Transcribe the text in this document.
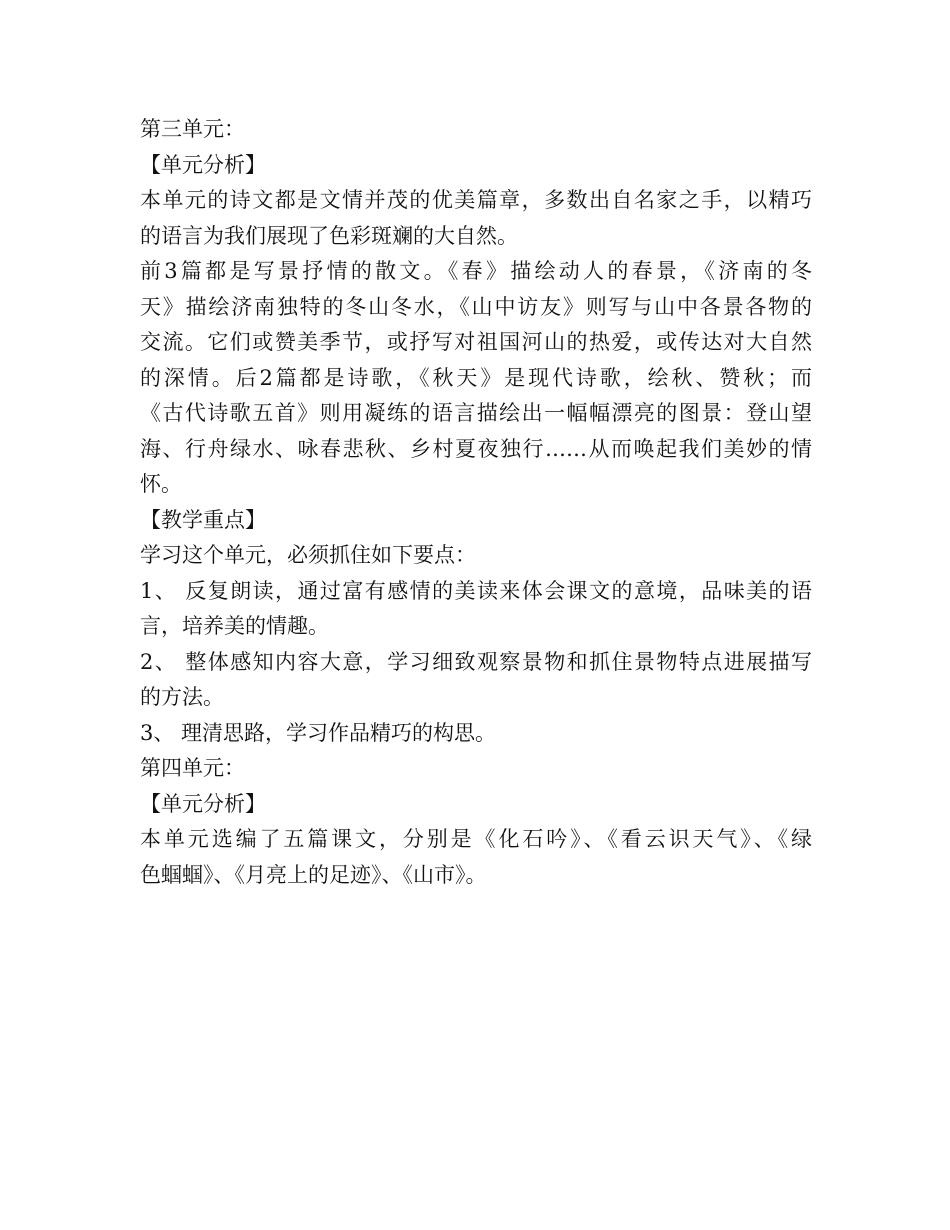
第三单元：

【单元分析】

本单元的诗文都是文情并茂的优美篇章，多数出自名家之手，以精巧

的语言为我们展现了色彩斑斓的大自然。

前3篇都是写景抒情的散文。《春》描绘动人的春景，《济南的冬

天》描绘济南独特的冬山冬水，《山中访友》则写与山中各景各物的

交流。它们或赞美季节，或抒写对祖国河山的热爱，或传达对大自然

的深情。后2篇都是诗歌，《秋天》是现代诗歌，绘秋、赞秋；而

《古代诗歌五首》则用凝练的语言描绘出一幅幅漂亮的图景：登山望

海、行舟绿水、咏春悲秋、乡村夏夜独行……从而唤起我们美妙的情

怀。

【教学重点】

学习这个单元，必须抓住如下要点：

1、 反复朗读，通过富有感情的美读来体会课文的意境，品味美的语

言，培养美的情趣。

2、 整体感知内容大意，学习细致观察景物和抓住景物特点进展描写

的方法。

3、 理清思路，学习作品精巧的构思。

第四单元：

【单元分析】

本单元选编了五篇课文，分别是《化石吟》、《看云识天气》、《绿

色蝈蝈》、《月亮上的足迹》、《山市》。
